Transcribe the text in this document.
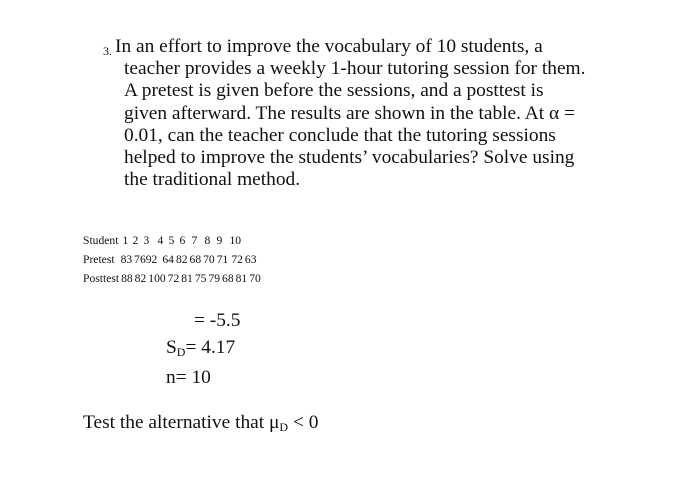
3. In an effort to improve the vocabulary of 10 students, a
teacher provides a weekly 1-hour tutoring session for them.
A pretest is given before the sessions, and a posttest is
given afterward. The results are shown in the table. At α =
0.01, can the teacher conclude that the tutoring sessions
helped to improve the students’ vocabularies? Solve using
the traditional method.
Student 1 2 3 4 5 6 7 8 9 10
Pretest 83 76 92 64 82 68 70 71 72 63
Posttest 88 82 100 72 81 75 79 68 81 70
= -5.5
$S_D= 4.17$
n= 10
Test the alternative that $\mu_D < 0$
